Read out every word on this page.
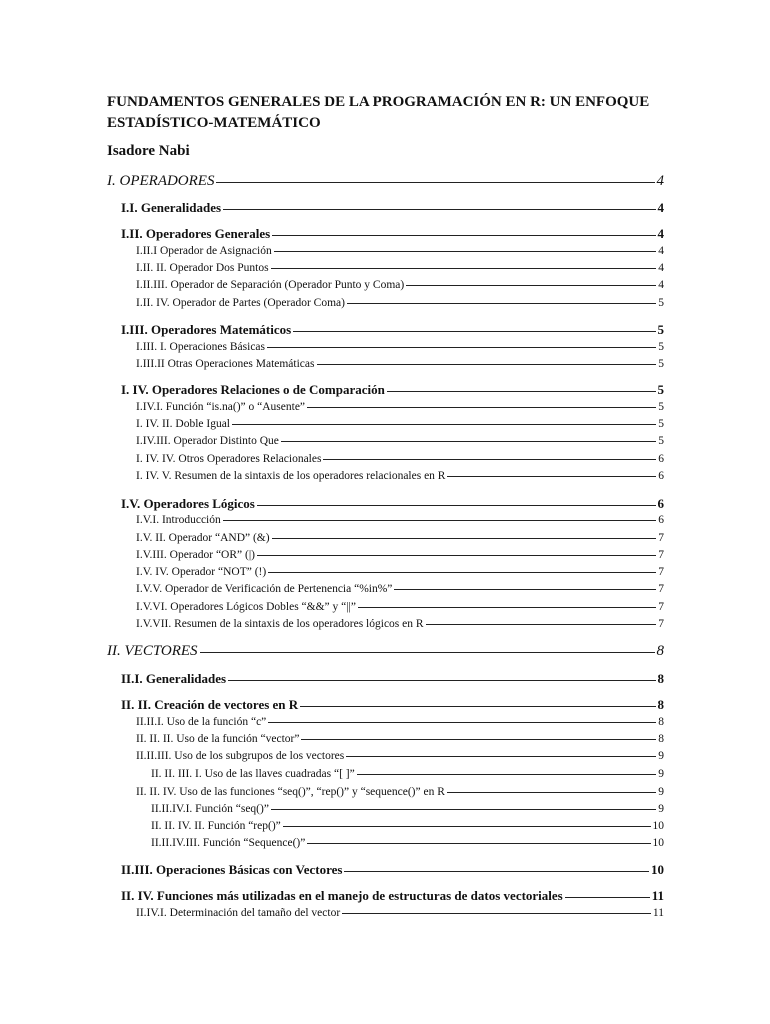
FUNDAMENTOS GENERALES DE LA PROGRAMACIÓN EN R: UN ENFOQUE ESTADÍSTICO-MATEMÁTICO

Isadore Nabi

I. OPERADORES	4
I.I. Generalidades	4
I.II. Operadores Generales	4
I.II.I Operador de Asignación	4
I.II. II. Operador Dos Puntos	4
I.II.III. Operador de Separación (Operador Punto y Coma)	4
I.II. IV. Operador de Partes (Operador Coma)	5
I.III. Operadores Matemáticos	5
I.III. I. Operaciones Básicas	5
I.III.II Otras Operaciones Matemáticas	5
I. IV. Operadores Relaciones o de Comparación	5
I.IV.I. Función “is.na()” o “Ausente”	5
I. IV. II. Doble Igual	5
I.IV.III. Operador Distinto Que	5
I. IV. IV. Otros Operadores Relacionales	6
I. IV. V. Resumen de la sintaxis de los operadores relacionales en R	6
I.V. Operadores Lógicos	6
I.V.I. Introducción	6
I.V. II. Operador “AND” (&)	7
I.V.III. Operador “OR” (|)	7
I.V. IV. Operador “NOT” (!)	7
I.V.V. Operador de Verificación de Pertenencia “%in%”	7
I.V.VI. Operadores Lógicos Dobles “&&” y “||”	7
I.V.VII. Resumen de la sintaxis de los operadores lógicos en R	7
II. VECTORES	8
II.I. Generalidades	8
II. II. Creación de vectores en R	8
II.II.I. Uso de la función “c”	8
II. II. II. Uso de la función “vector”	8
II.II.III. Uso de los subgrupos de los vectores	9
II. II. III. I. Uso de las llaves cuadradas “[ ]”	9
II. II. IV. Uso de las funciones “seq()”, “rep()” y “sequence()” en R	9
II.II.IV.I. Función “seq()”	9
II. II. IV. II. Función “rep()”	10
II.II.IV.III. Función “Sequence()”	10
II.III. Operaciones Básicas con Vectores	10
II. IV. Funciones más utilizadas en el manejo de estructuras de datos vectoriales	11
II.IV.I. Determinación del tamaño del vector	11
